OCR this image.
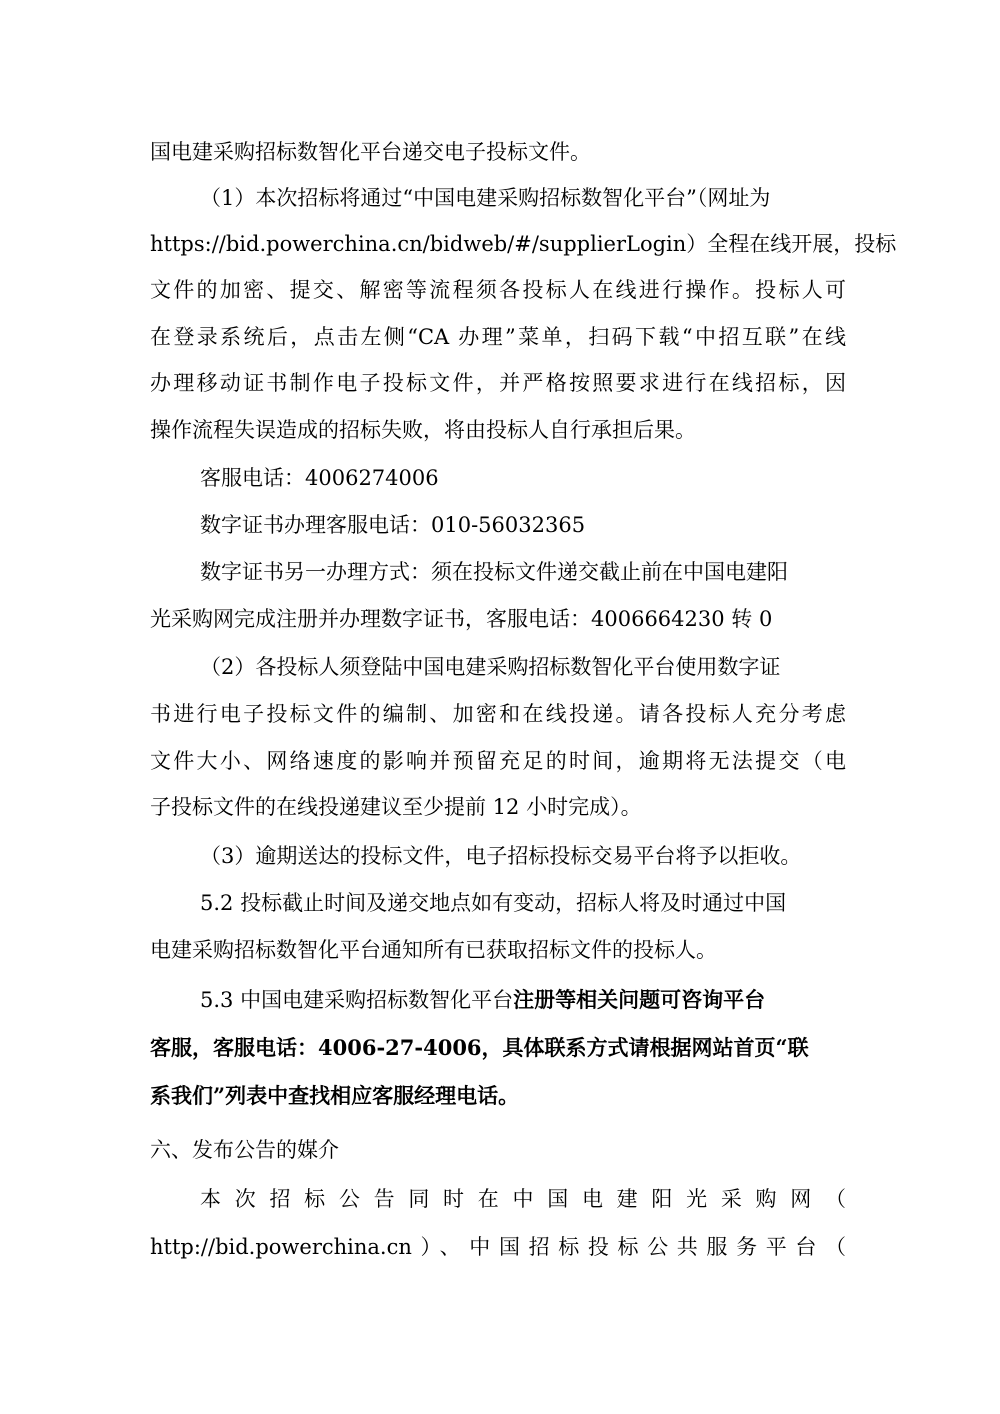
国电建采购招标数智化平台递交电子投标文件。
（1）本次招标将通过“中国电建采购招标数智化平台”（网址为
https://bid.powerchina.cn/bidweb/#/supplierLogin）全程在线开展，投标
文件的加密、提交、解密等流程须各投标人在线进行操作。投标人可
在登录系统后，点击左侧“CA 办理”菜单，扫码下载“中招互联”在线
办理移动证书制作电子投标文件，并严格按照要求进行在线招标，因
操作流程失误造成的招标失败，将由投标人自行承担后果。
客服电话：4006274006
数字证书办理客服电话：010-56032365
数字证书另一办理方式：须在投标文件递交截止前在中国电建阳
光采购网完成注册并办理数字证书，客服电话：4006664230 转 0
（2）各投标人须登陆中国电建采购招标数智化平台使用数字证
书进行电子投标文件的编制、加密和在线投递。请各投标人充分考虑
文件大小、网络速度的影响并预留充足的时间，逾期将无法提交（电
子投标文件的在线投递建议至少提前 12 小时完成）。
（3）逾期送达的投标文件，电子招标投标交易平台将予以拒收。
5.2 投标截止时间及递交地点如有变动，招标人将及时通过中国
电建采购招标数智化平台通知所有已获取招标文件的投标人。
5.3 中国电建采购招标数智化平台注册等相关问题可咨询平台
客服，客服电话：4006-27-4006，具体联系方式请根据网站首页“联
系我们”列表中查找相应客服经理电话。
六、发布公告的媒介
本次招标公告同时在中国电建阳光采购网（
http://bid.powerchina.cn）、中国招标投标公共服务平台（
